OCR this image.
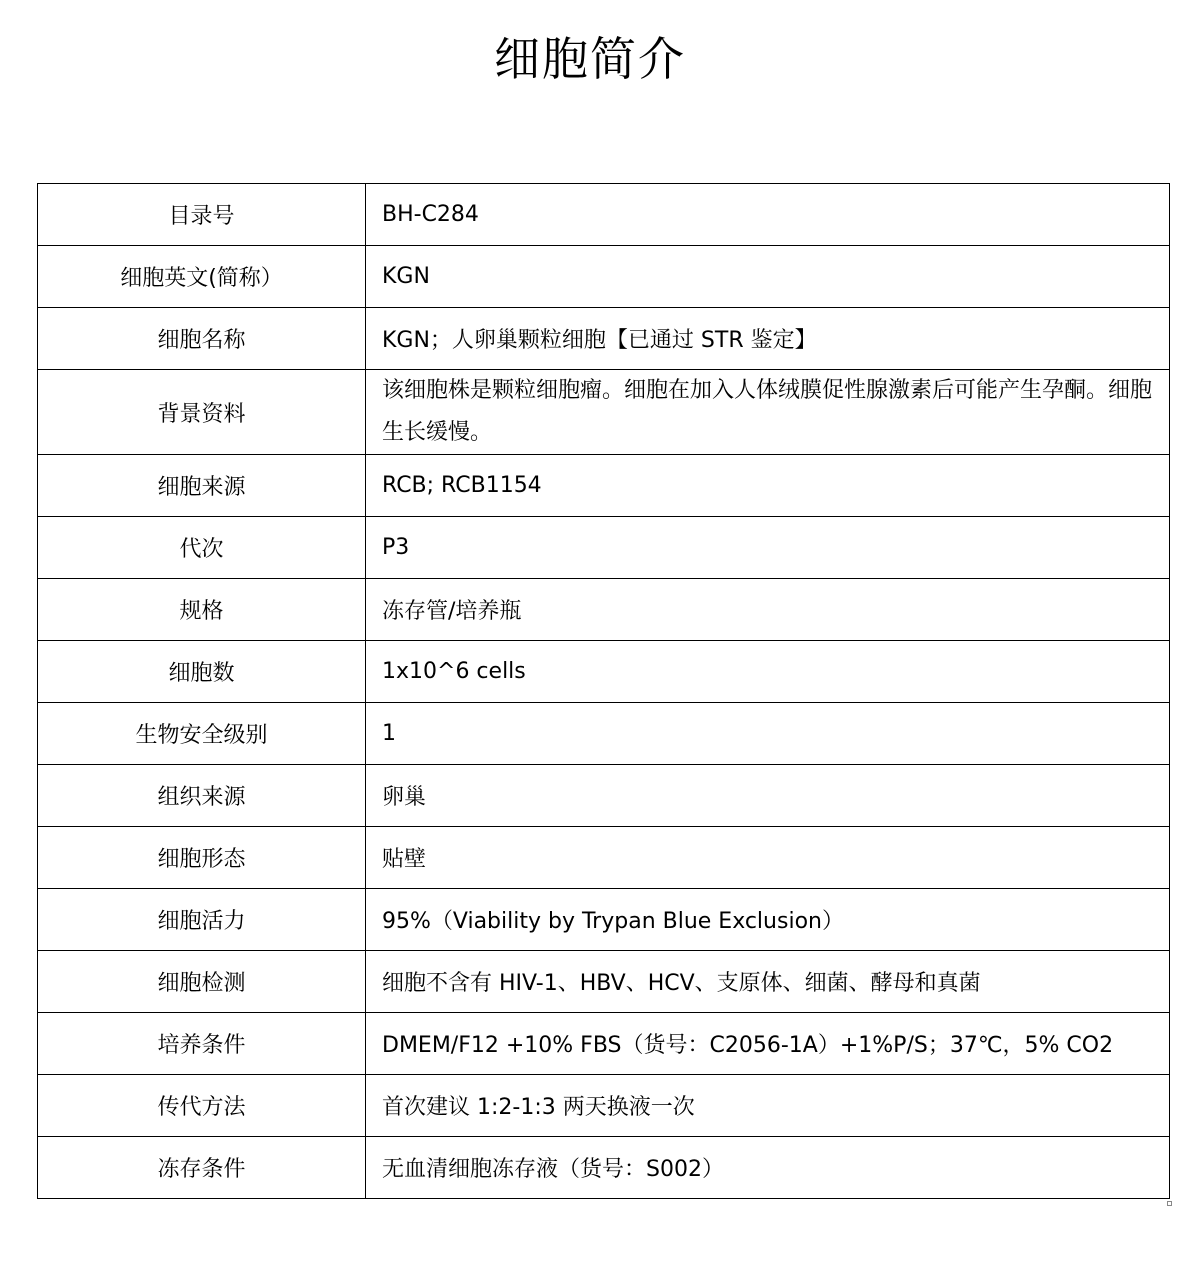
细胞简介
目录号	BH-C284
细胞英文(简称）	KGN
细胞名称	KGN；人卵巢颗粒细胞【已通过 STR 鉴定】
背景资料	该细胞株是颗粒细胞瘤。细胞在加入人体绒膜促性腺激素后可能产生孕酮。细胞生长缓慢。
细胞来源	RCB; RCB1154
代次	P3
规格	冻存管/培养瓶
细胞数	1x10^6 cells
生物安全级别	1
组织来源	卵巢
细胞形态	贴壁
细胞活力	95%（Viability by Trypan Blue Exclusion）
细胞检测	细胞不含有 HIV-1、HBV、HCV、支原体、细菌、酵母和真菌
培养条件	DMEM/F12 +10% FBS（货号：C2056-1A）+1%P/S；37℃，5% CO2
传代方法	首次建议 1:2-1:3 两天换液一次
冻存条件	无血清细胞冻存液（货号：S002）
